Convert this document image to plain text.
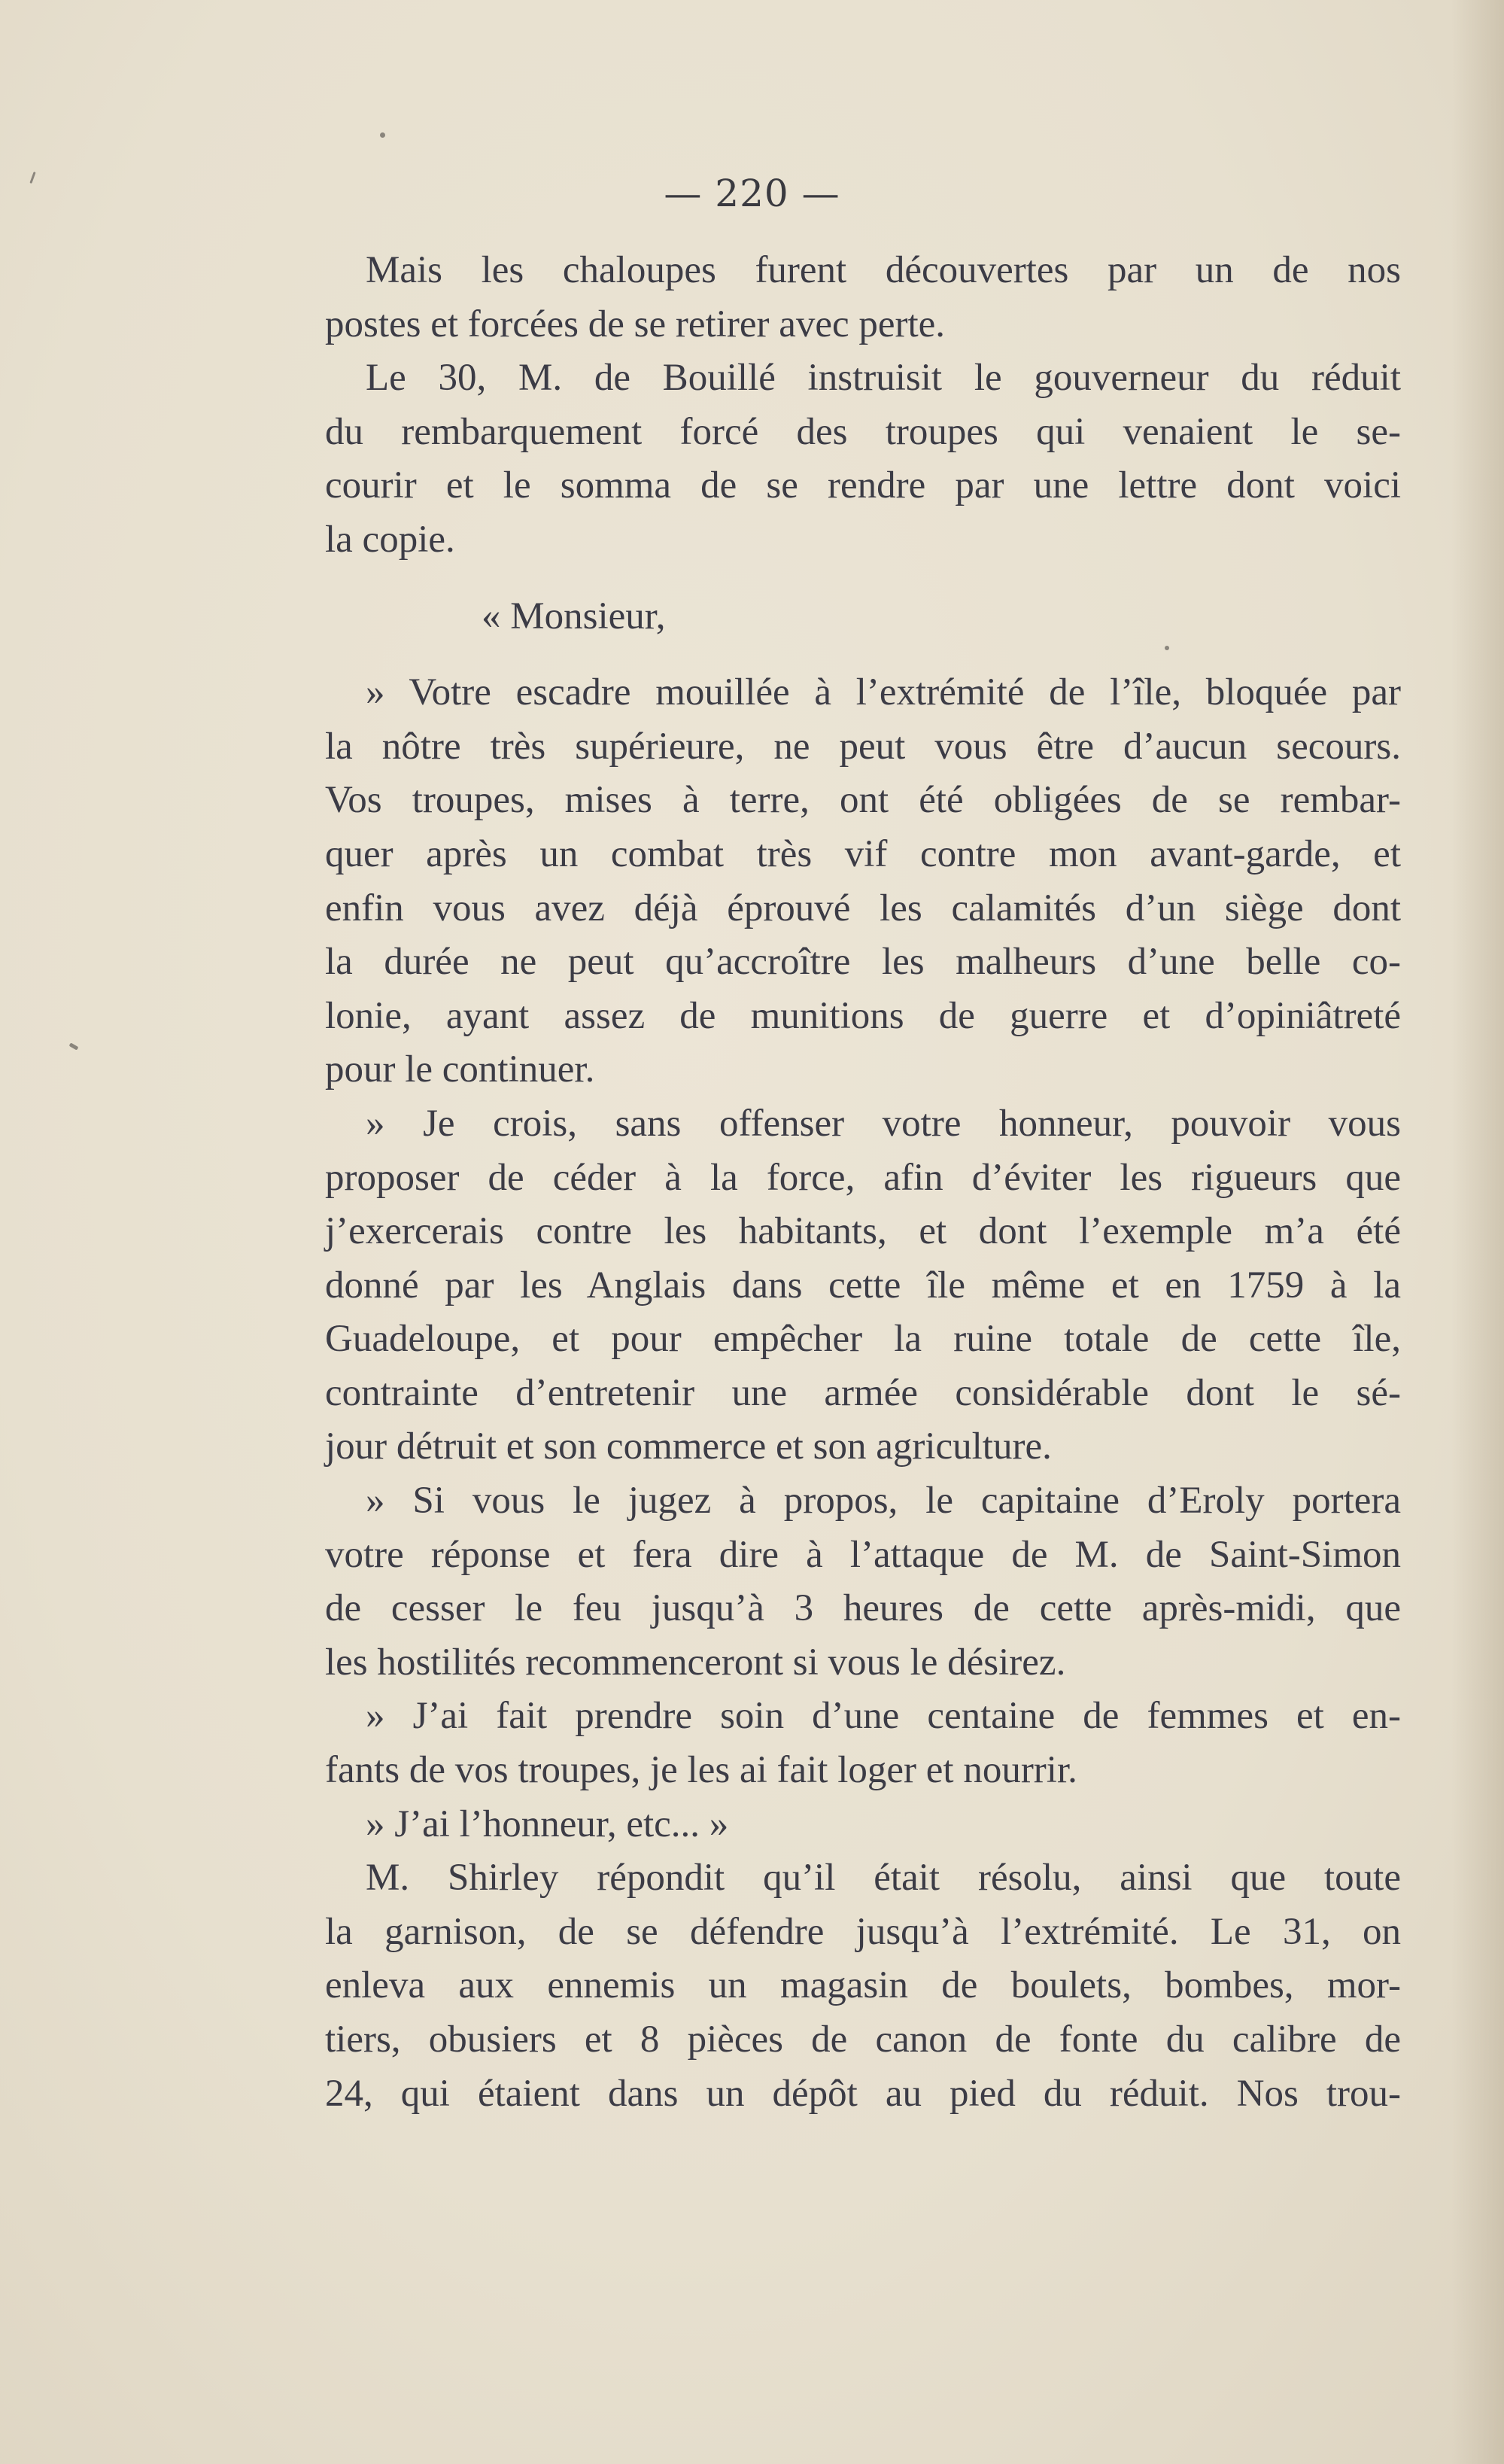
— 220 —
Mais les chaloupes furent découvertes par un de nos
postes et forcées de se retirer avec perte.
Le 30, M. de Bouillé instruisit le gouverneur du réduit
du rembarquement forcé des troupes qui venaient le se-
courir et le somma de se rendre par une lettre dont voici
la copie.
« Monsieur,
» Votre escadre mouillée à l’extrémité de l’île, bloquée par
la nôtre très supérieure, ne peut vous être d’aucun secours.
Vos troupes, mises à terre, ont été obligées de se rembar-
quer après un combat très vif contre mon avant-garde, et
enfin vous avez déjà éprouvé les calamités d’un siège dont
la durée ne peut qu’accroître les malheurs d’une belle co-
lonie, ayant assez de munitions de guerre et d’opiniâtreté
pour le continuer.
» Je crois, sans offenser votre honneur, pouvoir vous
proposer de céder à la force, afin d’éviter les rigueurs que
j’exercerais contre les habitants, et dont l’exemple m’a été
donné par les Anglais dans cette île même et en 1759 à la
Guadeloupe, et pour empêcher la ruine totale de cette île,
contrainte d’entretenir une armée considérable dont le sé-
jour détruit et son commerce et son agriculture.
» Si vous le jugez à propos, le capitaine d’Eroly portera
votre réponse et fera dire à l’attaque de M. de Saint-Simon
de cesser le feu jusqu’à 3 heures de cette après-midi, que
les hostilités recommenceront si vous le désirez.
» J’ai fait prendre soin d’une centaine de femmes et en-
fants de vos troupes, je les ai fait loger et nourrir.
» J’ai l’honneur, etc... »
M. Shirley répondit qu’il était résolu, ainsi que toute
la garnison, de se défendre jusqu’à l’extrémité. Le 31, on
enleva aux ennemis un magasin de boulets, bombes, mor-
tiers, obusiers et 8 pièces de canon de fonte du calibre de
24, qui étaient dans un dépôt au pied du réduit. Nos trou-
